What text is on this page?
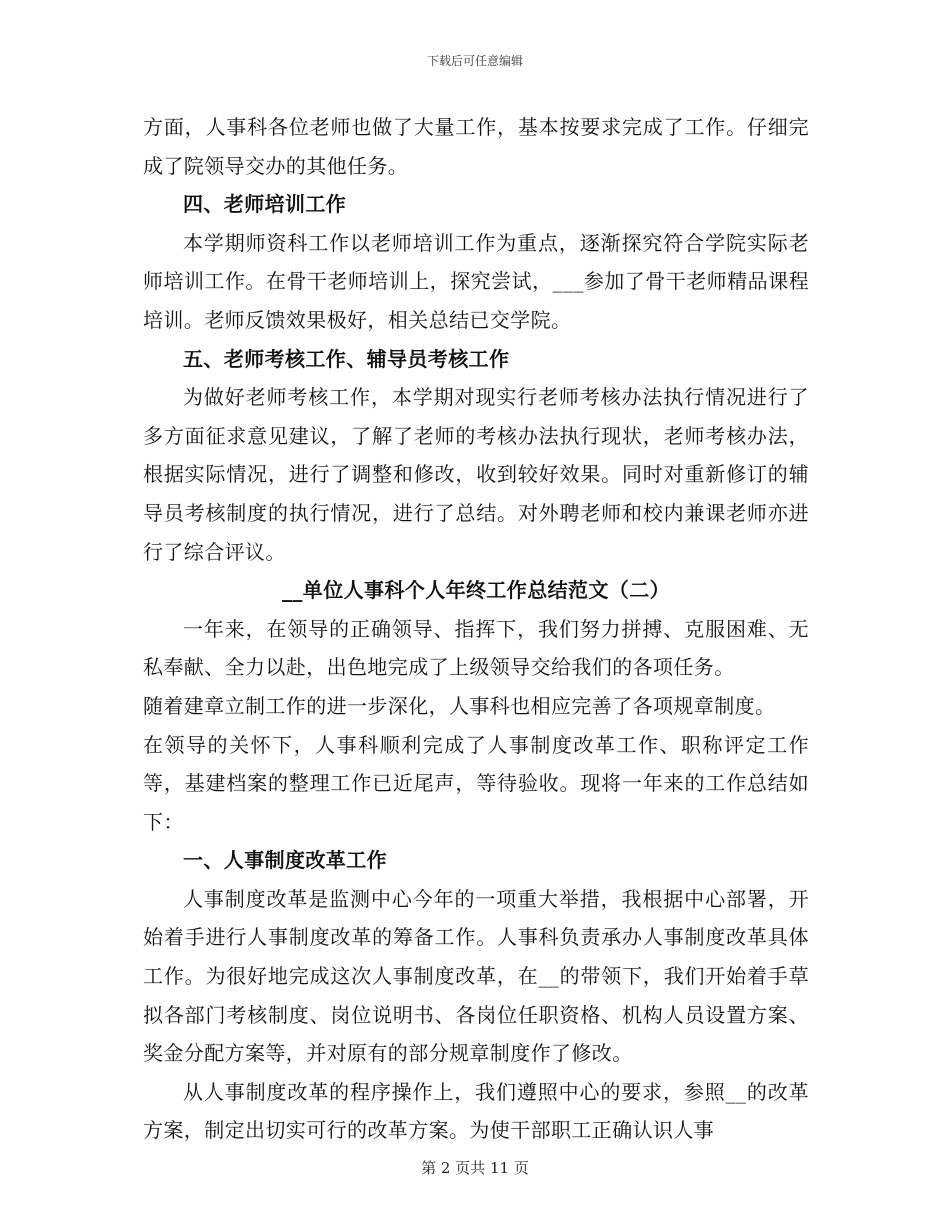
下载后可任意编辑

方面，人事科各位老师也做了大量工作，基本按要求完成了工作。仔细完成了院领导交办的其他任务。

四、老师培训工作

本学期师资科工作以老师培训工作为重点，逐渐探究符合学院实际老师培训工作。在骨干老师培训上，探究尝试，___参加了骨干老师精品课程培训。老师反馈效果极好，相关总结已交学院。

五、老师考核工作、辅导员考核工作

为做好老师考核工作，本学期对现实行老师考核办法执行情况进行了多方面征求意见建议，了解了老师的考核办法执行现状，老师考核办法，根据实际情况，进行了调整和修改，收到较好效果。同时对重新修订的辅导员考核制度的执行情况，进行了总结。对外聘老师和校内兼课老师亦进行了综合评议。

__单位人事科个人年终工作总结范文（二）

一年来，在领导的正确领导、指挥下，我们努力拼搏、克服困难、无私奉献、全力以赴，出色地完成了上级领导交给我们的各项任务。

随着建章立制工作的进一步深化，人事科也相应完善了各项规章制度。

在领导的关怀下，人事科顺利完成了人事制度改革工作、职称评定工作等，基建档案的整理工作已近尾声，等待验收。现将一年来的工作总结如下：

一、人事制度改革工作

人事制度改革是监测中心今年的一项重大举措，我根据中心部署，开始着手进行人事制度改革的筹备工作。人事科负责承办人事制度改革具体工作。为很好地完成这次人事制度改革，在__的带领下，我们开始着手草拟各部门考核制度、岗位说明书、各岗位任职资格、机构人员设置方案、奖金分配方案等，并对原有的部分规章制度作了修改。

从人事制度改革的程序操作上，我们遵照中心的要求，参照__的改革方案，制定出切实可行的改革方案。为使干部职工正确认识人事

第 2 页共 11 页
